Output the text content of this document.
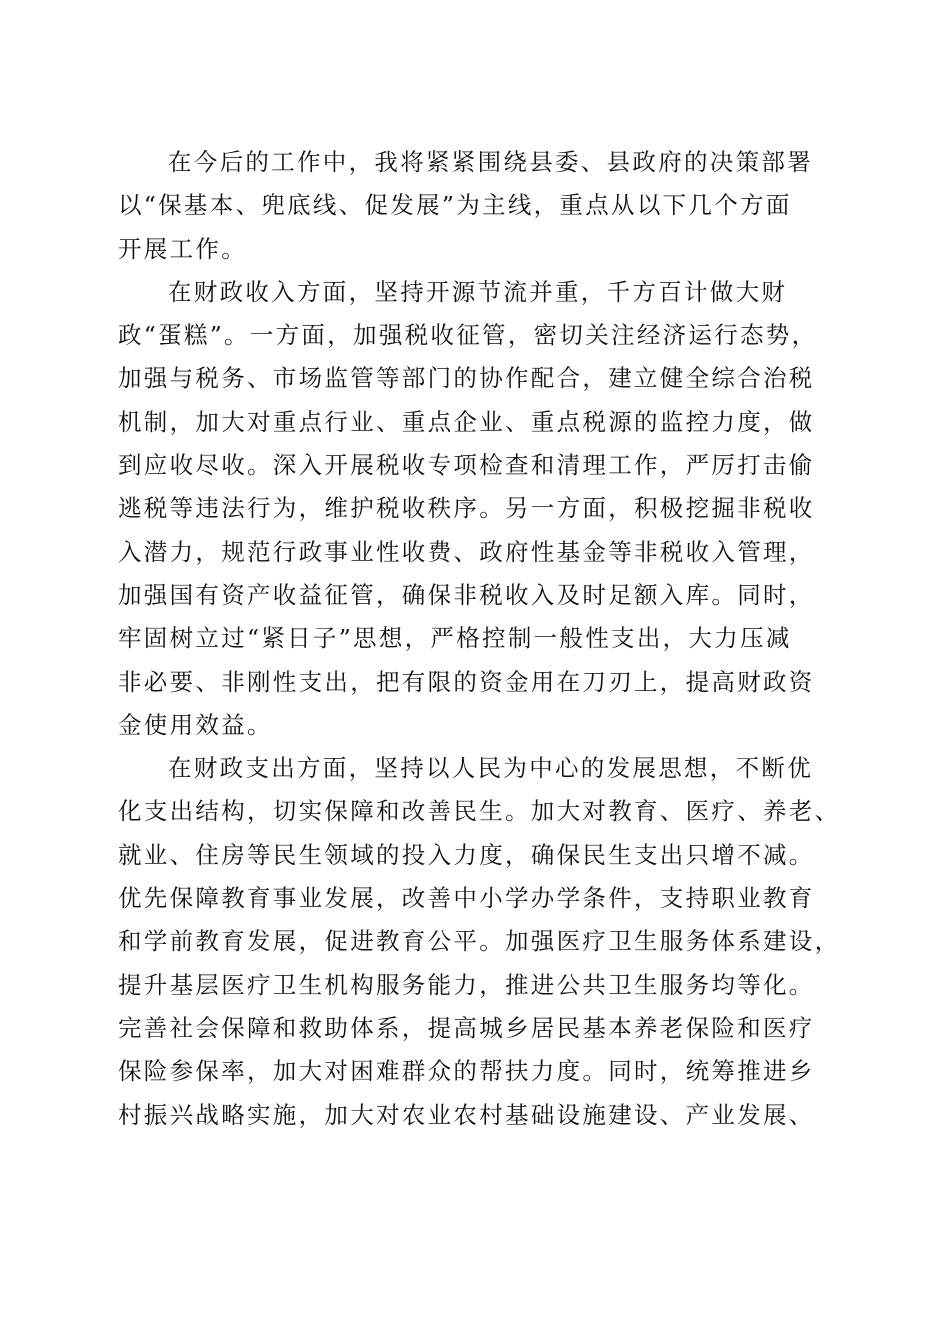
在今后的工作中，我将紧紧围绕县委、县政府的决策部署
以“保基本、兜底线、促发展”为主线，重点从以下几个方面
开展工作。
在财政收入方面，坚持开源节流并重，千方百计做大财
政“蛋糕”。一方面，加强税收征管，密切关注经济运行态势，
加强与税务、市场监管等部门的协作配合，建立健全综合治税
机制，加大对重点行业、重点企业、重点税源的监控力度，做
到应收尽收。深入开展税收专项检查和清理工作，严厉打击偷
逃税等违法行为，维护税收秩序。另一方面，积极挖掘非税收
入潜力，规范行政事业性收费、政府性基金等非税收入管理，
加强国有资产收益征管，确保非税收入及时足额入库。同时，
牢固树立过“紧日子”思想，严格控制一般性支出，大力压减
非必要、非刚性支出，把有限的资金用在刀刃上，提高财政资
金使用效益。
在财政支出方面，坚持以人民为中心的发展思想，不断优
化支出结构，切实保障和改善民生。加大对教育、医疗、养老、
就业、住房等民生领域的投入力度，确保民生支出只增不减。
优先保障教育事业发展，改善中小学办学条件，支持职业教育
和学前教育发展，促进教育公平。加强医疗卫生服务体系建设，
提升基层医疗卫生机构服务能力，推进公共卫生服务均等化。
完善社会保障和救助体系，提高城乡居民基本养老保险和医疗
保险参保率，加大对困难群众的帮扶力度。同时，统筹推进乡
村振兴战略实施，加大对农业农村基础设施建设、产业发展、
